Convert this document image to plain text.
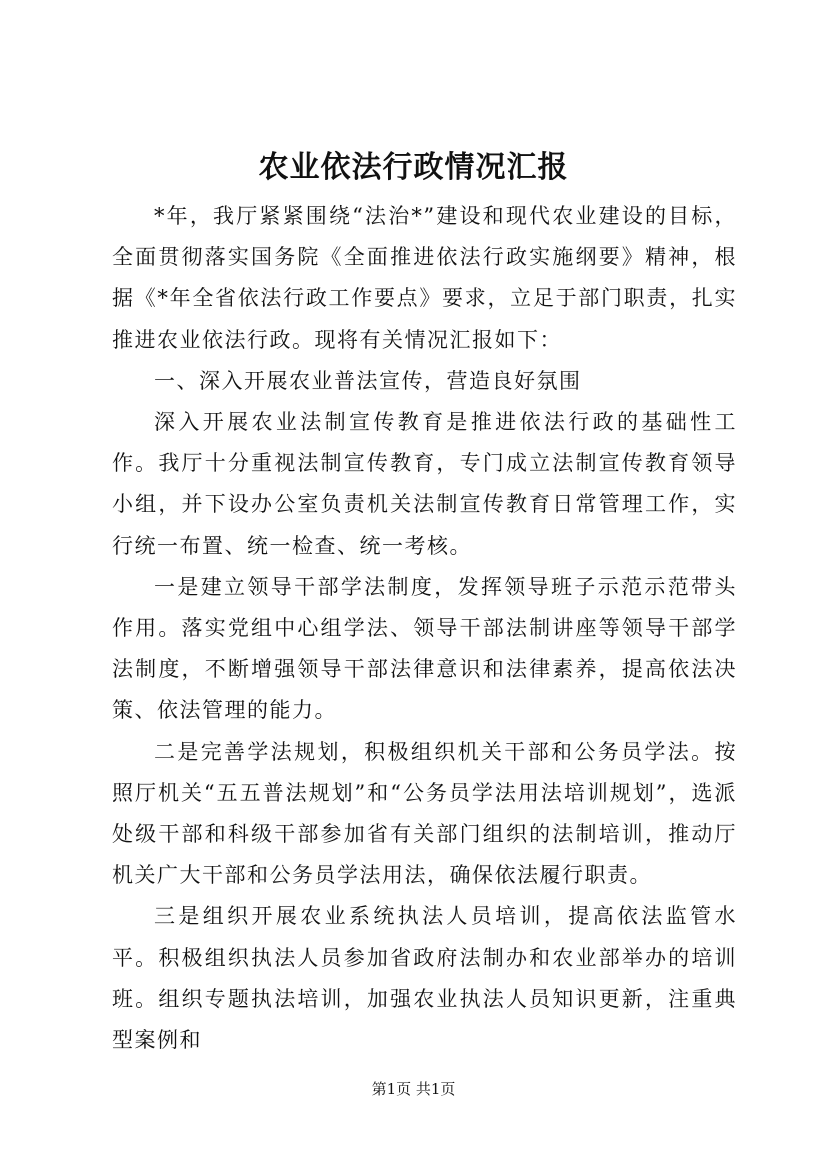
农业依法行政情况汇报

*年，我厅紧紧围绕“法治*”建设和现代农业建设的目标，全面贯彻落实国务院《全面推进依法行政实施纲要》精神，根据《*年全省依法行政工作要点》要求，立足于部门职责，扎实推进农业依法行政。现将有关情况汇报如下：

一、深入开展农业普法宣传，营造良好氛围

深入开展农业法制宣传教育是推进依法行政的基础性工作。我厅十分重视法制宣传教育，专门成立法制宣传教育领导小组，并下设办公室负责机关法制宣传教育日常管理工作，实行统一布置、统一检查、统一考核。

一是建立领导干部学法制度，发挥领导班子示范示范带头作用。落实党组中心组学法、领导干部法制讲座等领导干部学法制度，不断增强领导干部法律意识和法律素养，提高依法决策、依法管理的能力。

二是完善学法规划，积极组织机关干部和公务员学法。按照厅机关“五五普法规划”和“公务员学法用法培训规划”，选派处级干部和科级干部参加省有关部门组织的法制培训，推动厅机关广大干部和公务员学法用法，确保依法履行职责。

三是组织开展农业系统执法人员培训，提高依法监管水平。积极组织执法人员参加省政府法制办和农业部举办的培训班。组织专题执法培训，加强农业执法人员知识更新，注重典型案例和

第1页 共1页
